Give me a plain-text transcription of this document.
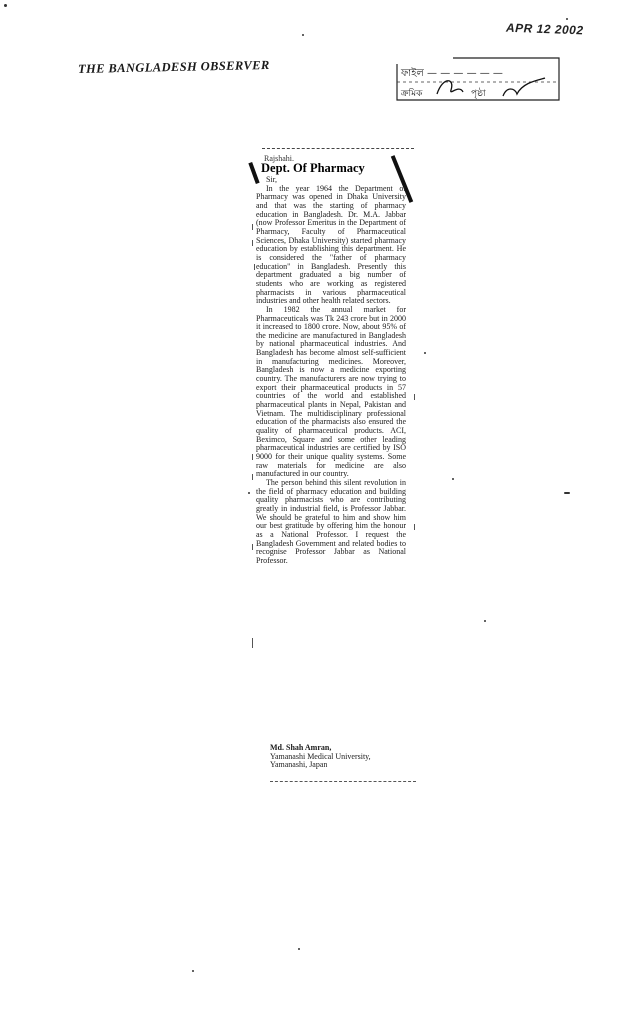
APR 12 2002
THE BANGLADESH OBSERVER	ফাইল — — — — — —
ক্রমিক	পৃষ্ঠা
Rajshahi.
Dept. Of Pharmacy

Sir,

In the year 1964 the Department of Pharmacy was opened in Dhaka University and that was the starting of pharmacy education in Bangladesh. Dr. M.A. Jabbar (now Professor Emeritus in the Department of Pharmacy, Faculty of Pharmaceutical Sciences, Dhaka University) started pharmacy education by establishing this department. He is considered the "father of pharmacy education" in Bangladesh. Presently this department graduated a big number of students who are working as registered pharmacists in various pharmaceutical industries and other health related sectors.

In 1982 the annual market for Pharmaceuticals was Tk 243 crore but in 2000 it increased to 1800 crore. Now, about 95% of the medicine are manufactured in Bangladesh by national pharmaceutical industries. And Bangladesh has become almost self-sufficient in manufacturing medicines. Moreover, Bangladesh is now a medicine exporting country. The manufacturers are now trying to export their pharmaceutical products in 57 countries of the world and established pharmaceutical plants in Nepal, Pakistan and Vietnam. The multidisciplinary professional education of the pharmacists also ensured the quality of pharmaceutical products. ACI, Beximco, Square and some other leading pharmaceutical industries are certified by ISO 9000 for their unique quality systems. Some raw materials for medicine are also manufactured in our country.

The person behind this silent revolution in the field of pharmacy education and building quality pharmacists who are contributing greatly in industrial field, is Professor Jabbar. We should be grateful to him and show him our best gratitude by offering him the honour as a National Professor. I request the Bangladesh Government and related bodies to recognise Professor Jabbar as National Professor.

Md. Shah Amran,
Yamanashi Medical University,
Yamanashi, Japan
